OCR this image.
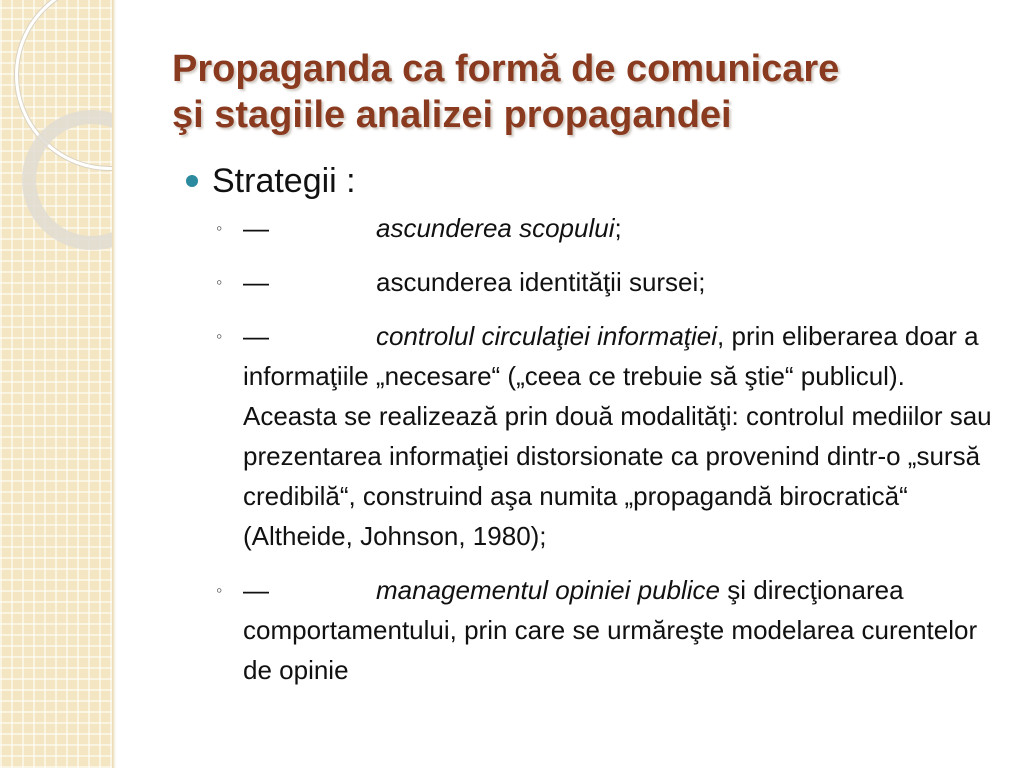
Propaganda ca formă de comunicare
şi stagiile analizei propagandei
Strategii :
◦ —	ascunderea scopului;
◦ —	ascunderea identităţii sursei;
◦ —	controlul circulaţiei informaţiei, prin eliberarea doar a informaţiile „necesare“ („ceea ce trebuie să ştie“ publicul). Aceasta se realizează prin două modalităţi: controlul mediilor sau prezentarea informaţiei distorsionate ca provenind dintr-o „sursă credibilă“, construind aşa numita „propagandă birocratică“ (Altheide, Johnson, 1980);
◦ —	managementul opiniei publice şi direcţionarea comportamentului, prin care se urmăreşte modelarea curentelor de opinie
